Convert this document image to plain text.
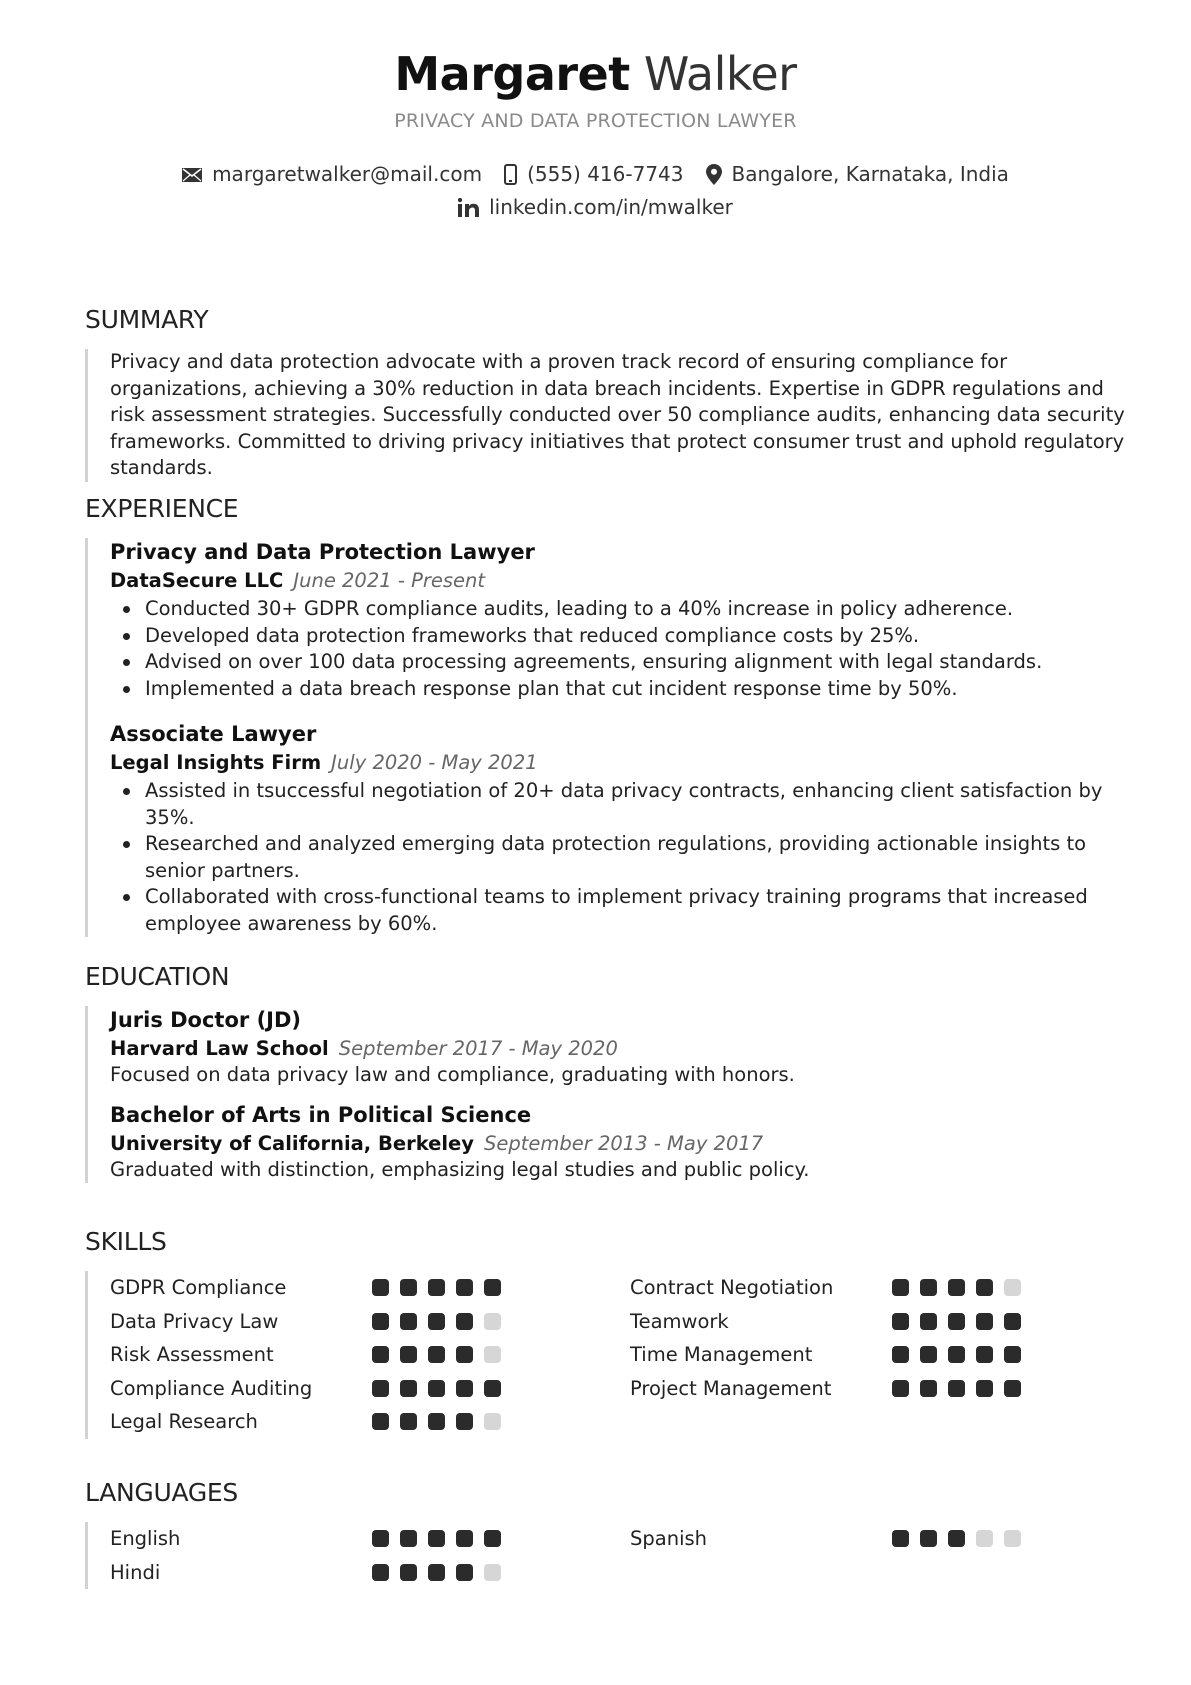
Margaret Walker
PRIVACY AND DATA PROTECTION LAWYER
margaretwalker@mail.com (555) 416-7743 Bangalore, Karnataka, India
linkedin.com/in/mwalker
SUMMARY

Privacy and data protection advocate with a proven track record of ensuring compliance for organizations, achieving a 30% reduction in data breach incidents. Expertise in GDPR regulations and risk assessment strategies. Successfully conducted over 50 compliance audits, enhancing data security frameworks. Committed to driving privacy initiatives that protect consumer trust and uphold regulatory standards.

EXPERIENCE
Privacy and Data Protection Lawyer
DataSecure LLC June 2021 - Present
Conducted 30+ GDPR compliance audits, leading to a 40% increase in policy adherence.
Developed data protection frameworks that reduced compliance costs by 25%.
Advised on over 100 data processing agreements, ensuring alignment with legal standards.
Implemented a data breach response plan that cut incident response time by 50%.
Associate Lawyer
Legal Insights Firm July 2020 - May 2021
Assisted in tsuccessful negotiation of 20+ data privacy contracts, enhancing client satisfaction by 35%.
Researched and analyzed emerging data protection regulations, providing actionable insights to senior partners.
Collaborated with cross-functional teams to implement privacy training programs that increased employee awareness by 60%.
EDUCATION
Juris Doctor (JD)
Harvard Law School September 2017 - May 2020
Focused on data privacy law and compliance, graduating with honors.
Bachelor of Arts in Political Science
University of California, Berkeley September 2013 - May 2017
Graduated with distinction, emphasizing legal studies and public policy.
SKILLS
GDPR Compliance	Contract Negotiation
Data Privacy Law	Teamwork
Risk Assessment	Time Management
Compliance Auditing	Project Management
Legal Research
LANGUAGES
English	Spanish
Hindi
